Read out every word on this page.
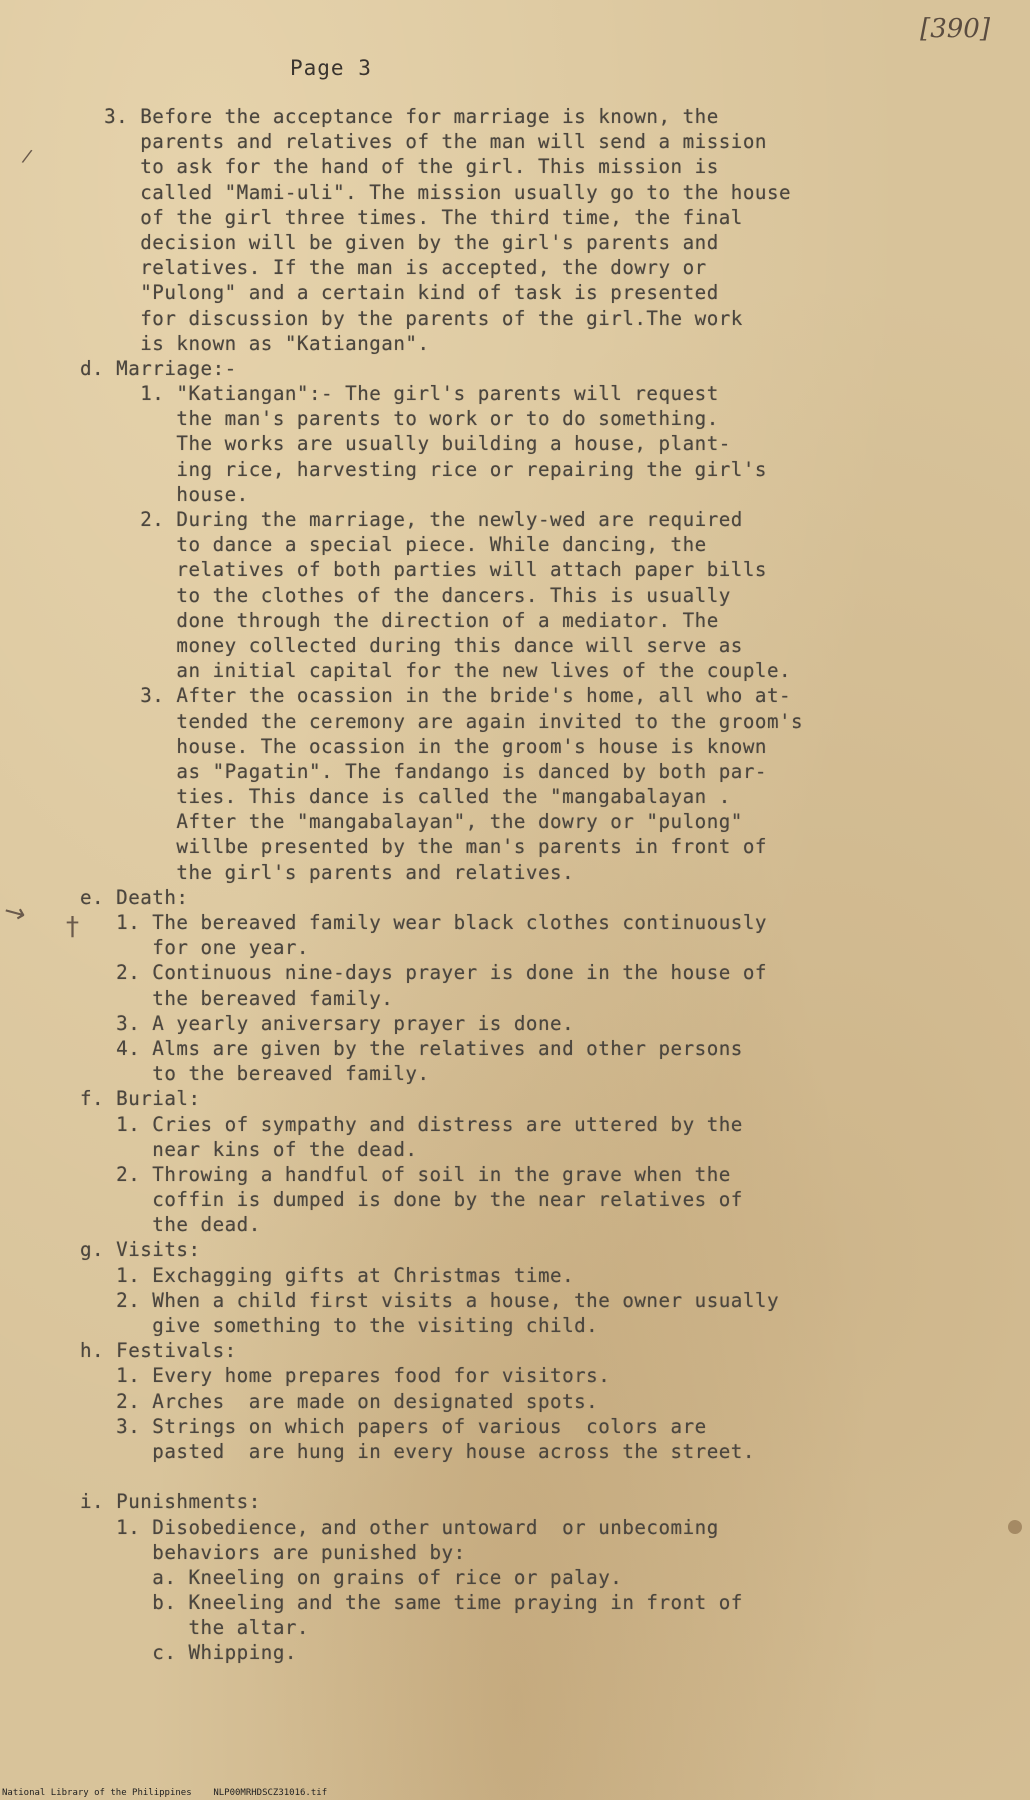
[390]
Page 3
/
→ †
3. Before the acceptance for marriage is known, the
parents and relatives of the man will send a mission
to ask for the hand of the girl. This mission is
called "Mami-uli". The mission usually go to the house
of the girl three times. The third time, the final
decision will be given by the girl's parents and
relatives. If the man is accepted, the dowry or
"Pulong" and a certain kind of task is presented
for discussion by the parents of the girl.The work
is known as "Katiangan".
d. Marriage:-
1. "Katiangan":- The girl's parents will request
the man's parents to work or to do something.
The works are usually building a house, plant-
ing rice, harvesting rice or repairing the girl's
house.
2. During the marriage, the newly-wed are required
to dance a special piece. While dancing, the
relatives of both parties will attach paper bills
to the clothes of the dancers. This is usually
done through the direction of a mediator. The
money collected during this dance will serve as
an initial capital for the new lives of the couple.
3. After the ocassion in the bride's home, all who at-
tended the ceremony are again invited to the groom's
house. The ocassion in the groom's house is known
as "Pagatin". The fandango is danced by both par-
ties. This dance is called the "mangabalayan .
After the "mangabalayan", the dowry or "pulong"
willbe presented by the man's parents in front of
the girl's parents and relatives.
e. Death:
1. The bereaved family wear black clothes continuously
for one year.
2. Continuous nine-days prayer is done in the house of
the bereaved family.
3. A yearly aniversary prayer is done.
4. Alms are given by the relatives and other persons
to the bereaved family.
f. Burial:
1. Cries of sympathy and distress are uttered by the
near kins of the dead.
2. Throwing a handful of soil in the grave when the
coffin is dumped is done by the near relatives of
the dead.
g. Visits:
1. Exchagging gifts at Christmas time.
2. When a child first visits a house, the owner usually
give something to the visiting child.
h. Festivals:
1. Every home prepares food for visitors.
2. Arches  are made on designated spots.
3. Strings on which papers of various  colors are
pasted  are hung in every house across the street.
i. Punishments:
1. Disobedience, and other untoward  or unbecoming
behaviors are punished by:
a. Kneeling on grains of rice or palay.
b. Kneeling and the same time praying in front of
the altar.
c. Whipping.
National Library of the Philippines    NLP00MRHDSCZ31016.tif
